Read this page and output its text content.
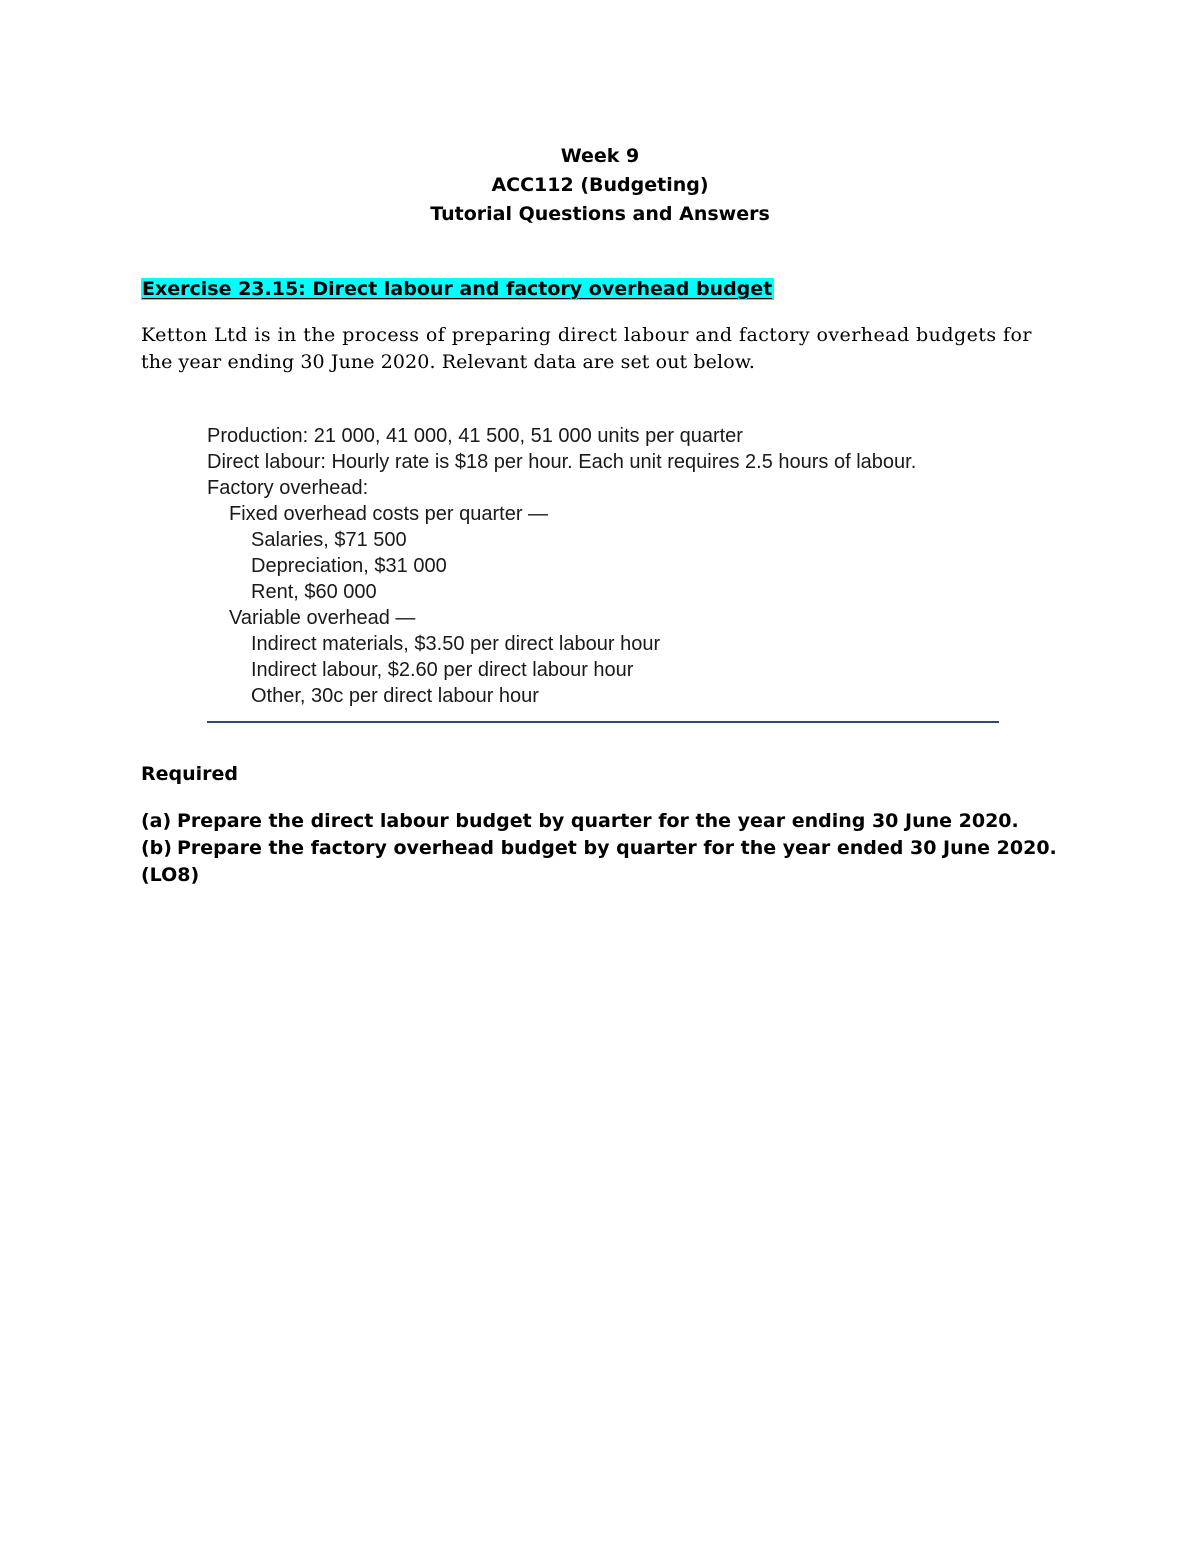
Week 9
ACC112 (Budgeting)
Tutorial Questions and Answers
Exercise 23.15: Direct labour and factory overhead budget
Ketton Ltd is in the process of preparing direct labour and factory overhead budgets for
the year ending 30 June 2020. Relevant data are set out below.
Production: 21 000, 41 000, 41 500, 51 000 units per quarter
Direct labour: Hourly rate is $18 per hour. Each unit requires 2.5 hours of labour.
Factory overhead:
Fixed overhead costs per quarter —
Salaries, $71 500
Depreciation, $31 000
Rent, $60 000
Variable overhead —
Indirect materials, $3.50 per direct labour hour
Indirect labour, $2.60 per direct labour hour
Other, 30c per direct labour hour
Required
(a) Prepare the direct labour budget by quarter for the year ending 30 June 2020.
(b) Prepare the factory overhead budget by quarter for the year ended 30 June 2020.
(LO8)
